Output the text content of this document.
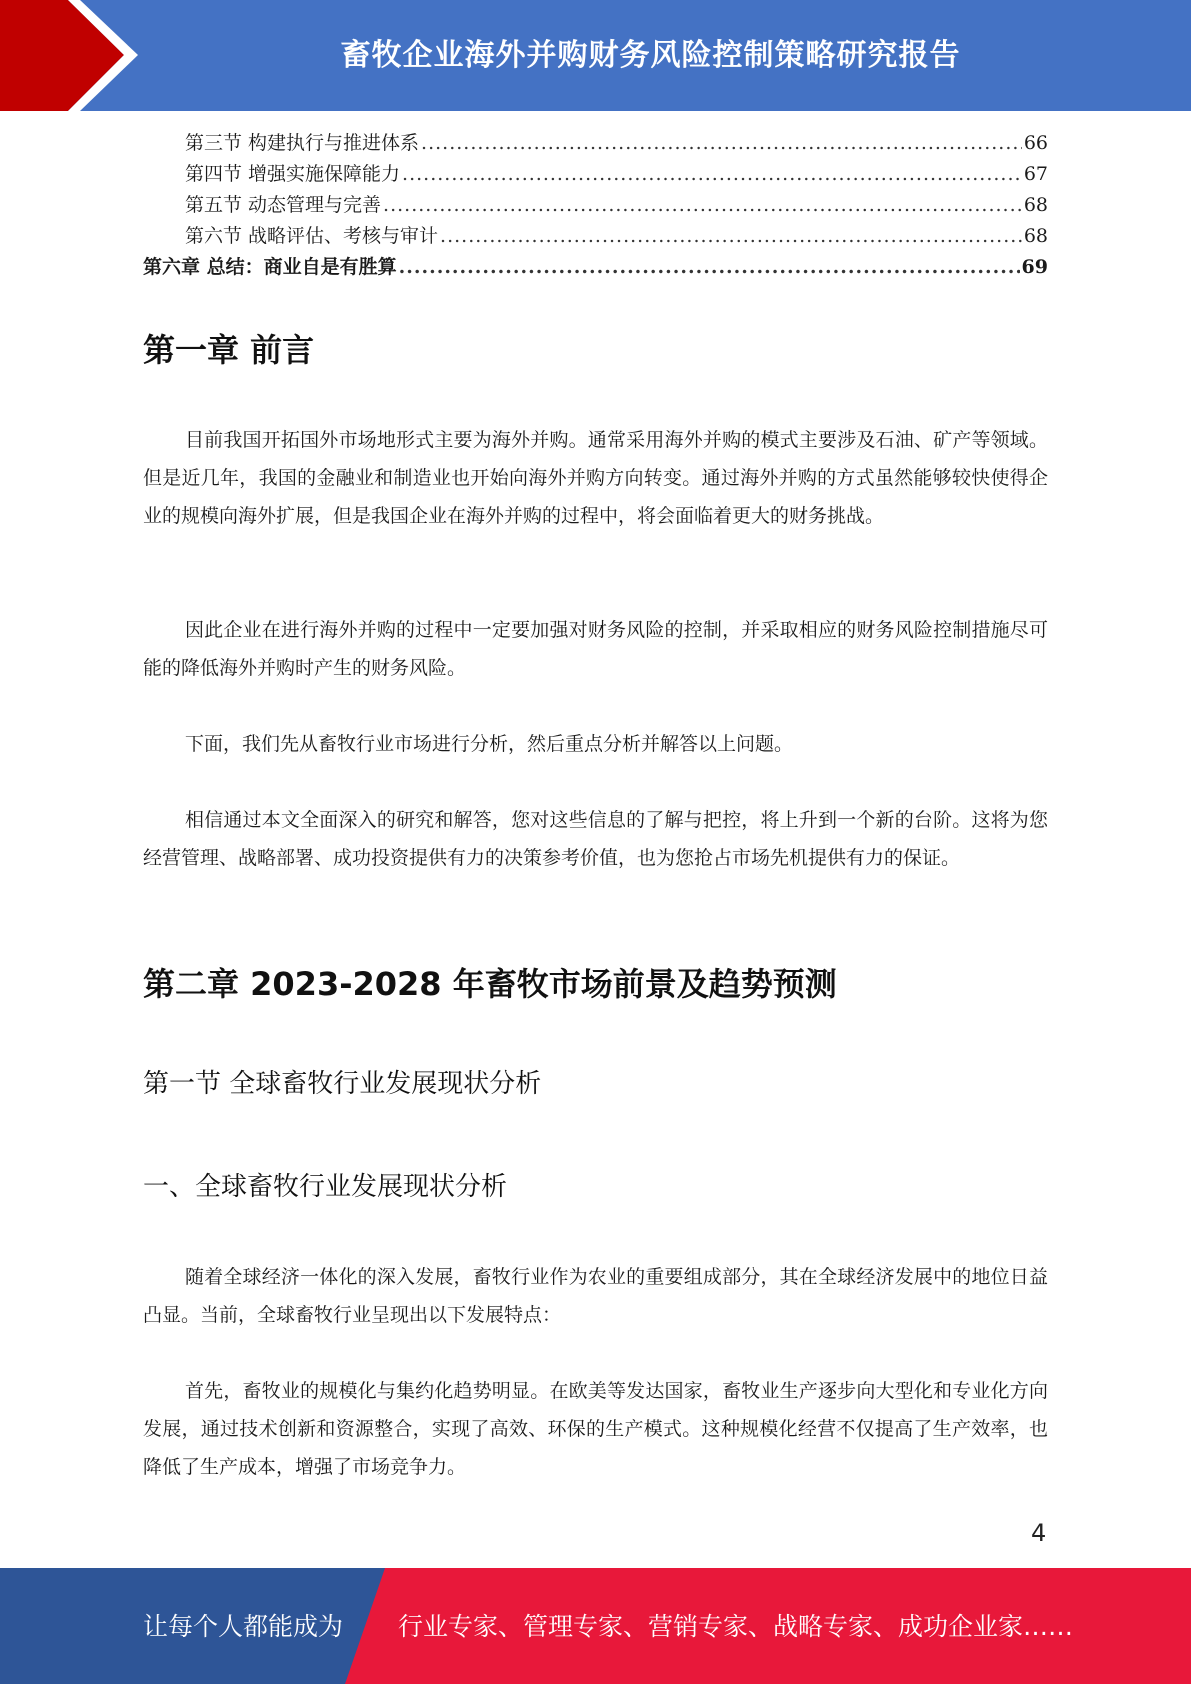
畜牧企业海外并购财务风险控制策略研究报告
第三节 构建执行与推进体系 .....	66
第四节 增强实施保障能力 .....	67
第五节 动态管理与完善 .....	68
第六节 战略评估、考核与审计 .....	68
第六章 总结：商业自是有胜算 .....	69
第一章 前言
目前我国开拓国外市场地形式主要为海外并购。通常采用海外并购的模式主要涉及石油、矿产等领域。但是近几年，我国的金融业和制造业也开始向海外并购方向转变。通过海外并购的方式虽然能够较快使得企业的规模向海外扩展，但是我国企业在海外并购的过程中，将会面临着更大的财务挑战。
因此企业在进行海外并购的过程中一定要加强对财务风险的控制，并采取相应的财务风险控制措施尽可能的降低海外并购时产生的财务风险。
下面，我们先从畜牧行业市场进行分析，然后重点分析并解答以上问题。
相信通过本文全面深入的研究和解答，您对这些信息的了解与把控，将上升到一个新的台阶。这将为您经营管理、战略部署、成功投资提供有力的决策参考价值，也为您抢占市场先机提供有力的保证。
第二章 2023-2028 年畜牧市场前景及趋势预测
第一节 全球畜牧行业发展现状分析
一、全球畜牧行业发展现状分析
随着全球经济一体化的深入发展，畜牧行业作为农业的重要组成部分，其在全球经济发展中的地位日益凸显。当前，全球畜牧行业呈现出以下发展特点：
首先，畜牧业的规模化与集约化趋势明显。在欧美等发达国家，畜牧业生产逐步向大型化和专业化方向发展，通过技术创新和资源整合，实现了高效、环保的生产模式。这种规模化经营不仅提高了生产效率，也降低了生产成本，增强了市场竞争力。
4
让每个人都能成为 行业专家、管理专家、营销专家、战略专家、成功企业家……
